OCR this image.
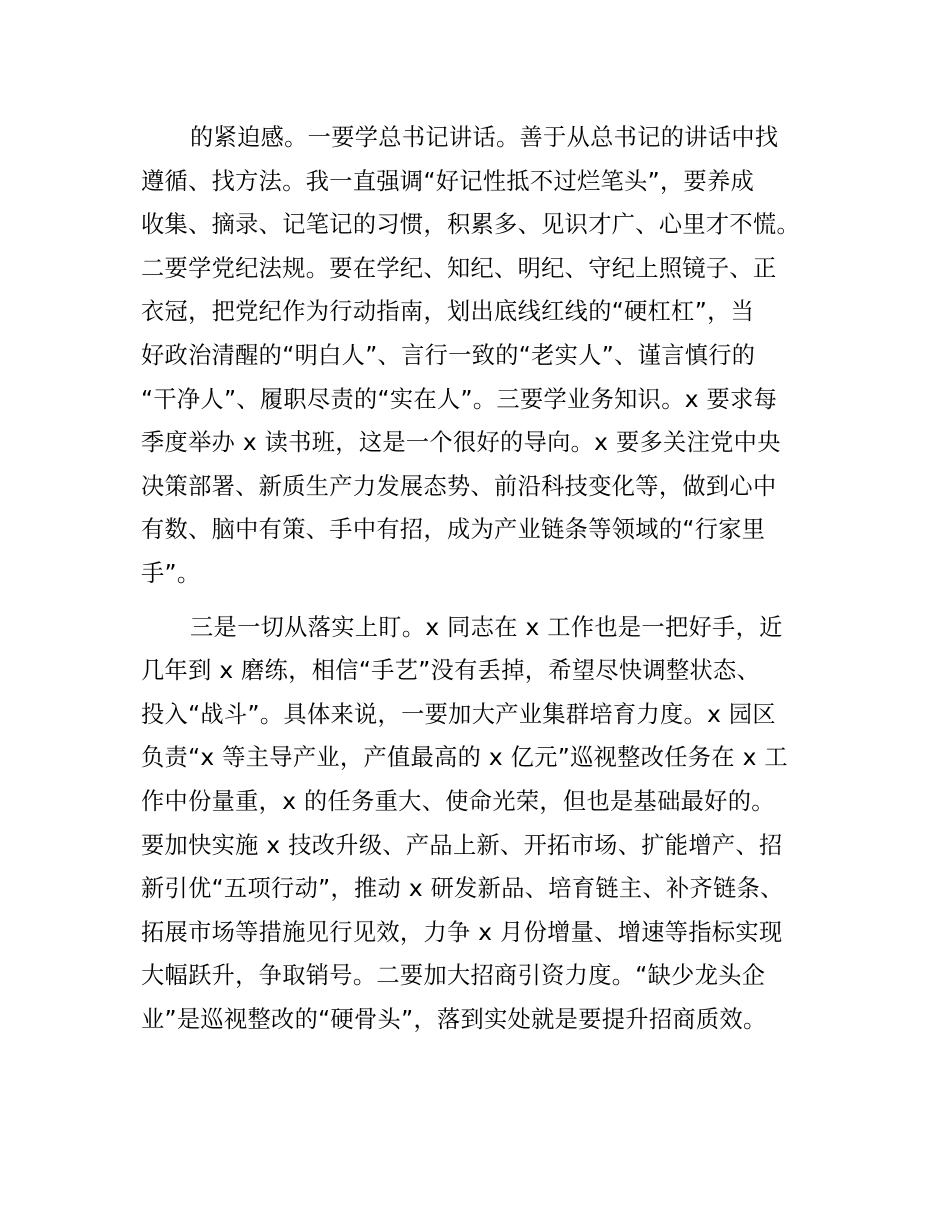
的紧迫感。一要学总书记讲话。善于从总书记的讲话中找
遵循、找方法。我一直强调“好记性抵不过烂笔头”，要养成
收集、摘录、记笔记的习惯，积累多、见识才广、心里才不慌。
二要学党纪法规。要在学纪、知纪、明纪、守纪上照镜子、正
衣冠，把党纪作为行动指南，划出底线红线的“硬杠杠”，当
好政治清醒的“明白人”、言行一致的“老实人”、谨言慎行的
“干净人”、履职尽责的“实在人”。三要学业务知识。x 要求每
季度举办 x 读书班，这是一个很好的导向。x 要多关注党中央
决策部署、新质生产力发展态势、前沿科技变化等，做到心中
有数、脑中有策、手中有招，成为产业链条等领域的“行家里
手”。
三是一切从落实上盯。x 同志在 x 工作也是一把好手，近
几年到 x 磨练，相信“手艺”没有丢掉，希望尽快调整状态、
投入“战斗”。具体来说，一要加大产业集群培育力度。x 园区
负责“x 等主导产业，产值最高的 x 亿元”巡视整改任务在 x 工
作中份量重，x 的任务重大、使命光荣，但也是基础最好的。
要加快实施 x 技改升级、产品上新、开拓市场、扩能增产、招
新引优“五项行动”，推动 x 研发新品、培育链主、补齐链条、
拓展市场等措施见行见效，力争 x 月份增量、增速等指标实现
大幅跃升，争取销号。二要加大招商引资力度。“缺少龙头企
业”是巡视整改的“硬骨头”，落到实处就是要提升招商质效。
